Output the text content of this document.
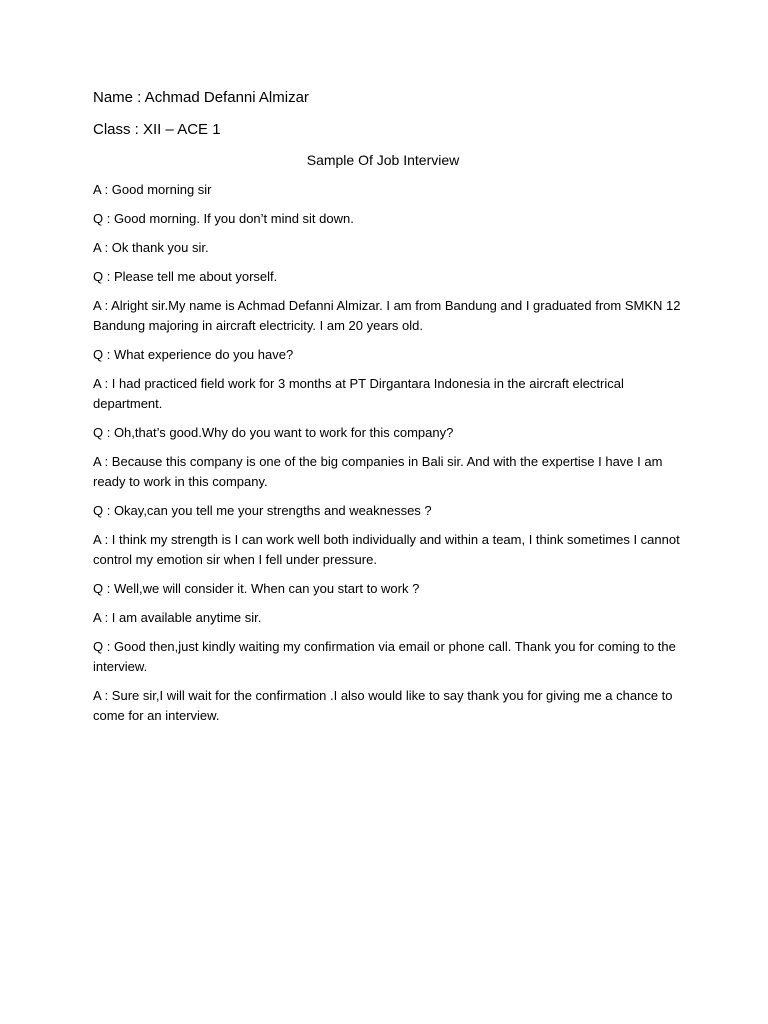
Name : Achmad Defanni Almizar

Class : XII – ACE 1

Sample Of Job Interview

A : Good morning sir
Q : Good morning. If you don’t mind sit down.
A : Ok thank you sir.
Q : Please tell me about yorself.
A : Alright sir.My name is Achmad Defanni Almizar. I am from Bandung and I graduated from SMKN 12 Bandung majoring in aircraft electricity. I am 20 years old.
Q : What experience do you have?
A : I had practiced field work for 3 months at PT Dirgantara Indonesia in the aircraft electrical department.
Q : Oh,that’s good.Why do you want to work for this company?
A : Because this company is one of the big companies in Bali sir. And with the expertise I have I am ready to work in this company.
Q : Okay,can you tell me your strengths and weaknesses ?
A : I think my strength is I can work well both individually and within a team, I think sometimes I cannot control my emotion sir when I fell under pressure.
Q : Well,we will consider it. When can you start to work ?
A : I am available anytime sir.
Q : Good then,just kindly waiting my confirmation via email or phone call. Thank you for coming to the interview.
A : Sure sir,I will wait for the confirmation .I also would like to say thank you for giving me a chance to come for an interview.
